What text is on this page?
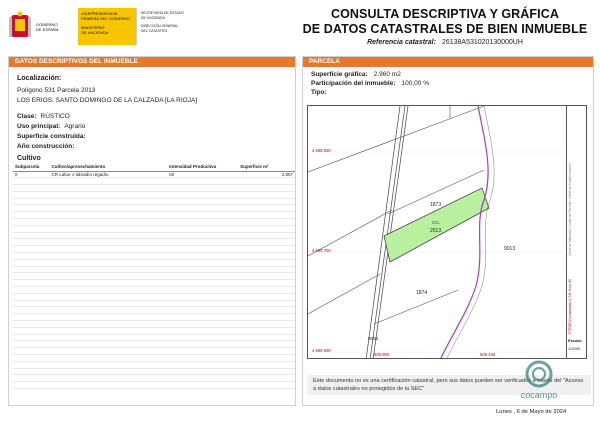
GOBIERNO
DE ESPAÑA
VICEPRESIDENCIA
PRIMERA DEL GOBIERNO
MINISTERIO
DE HACIENDA
SECRETARÍA DE ESTADO
DE HACIENDA
DIRECCIÓN GENERAL
DEL CATASTRO
CONSULTA DESCRIPTIVA Y GRÁFICA
DE DATOS CATASTRALES DE BIEN INMUEBLE
Referencia catastral: 26138A531020130000UH
DATOS DESCRIPTIVOS DEL INMUEBLE
Localización:
Polígono 531 Parcela 2013
LOS ERIOS. SANTO DOMINGO DE LA CALZADA [LA RIOJA]
Clase: RÚSTICO
Uso principal: Agrario
Superficie construida:
Año construcción:
Cultivo
Subparcela	Cultivo/aprovechamiento	Intensidad Productiva	Superficie m²
0	CR Labor o labradío regadío	02	2.857

PARCELA
Superficie gráfica: 2.960 m2
Participación del inmueble: 100,00 %
Tipo:
4 699 800
4 699 700
4 699 600
505 000	505 100
1873
031
2013
9013
1874
9006
Limite de Manzana / Limite de Parcela / Limite de Construcciones
ETRS89 Coordenadas U.T.M. Huso 30
Escala:
1/2000
Este documento no es una certificación catastral, pero sus datos pueden ser verificados a través del "Acceso a datos catastrales no protegidos de la SEC"
Lunes , 6 de Mayo de 2024
cocampo
